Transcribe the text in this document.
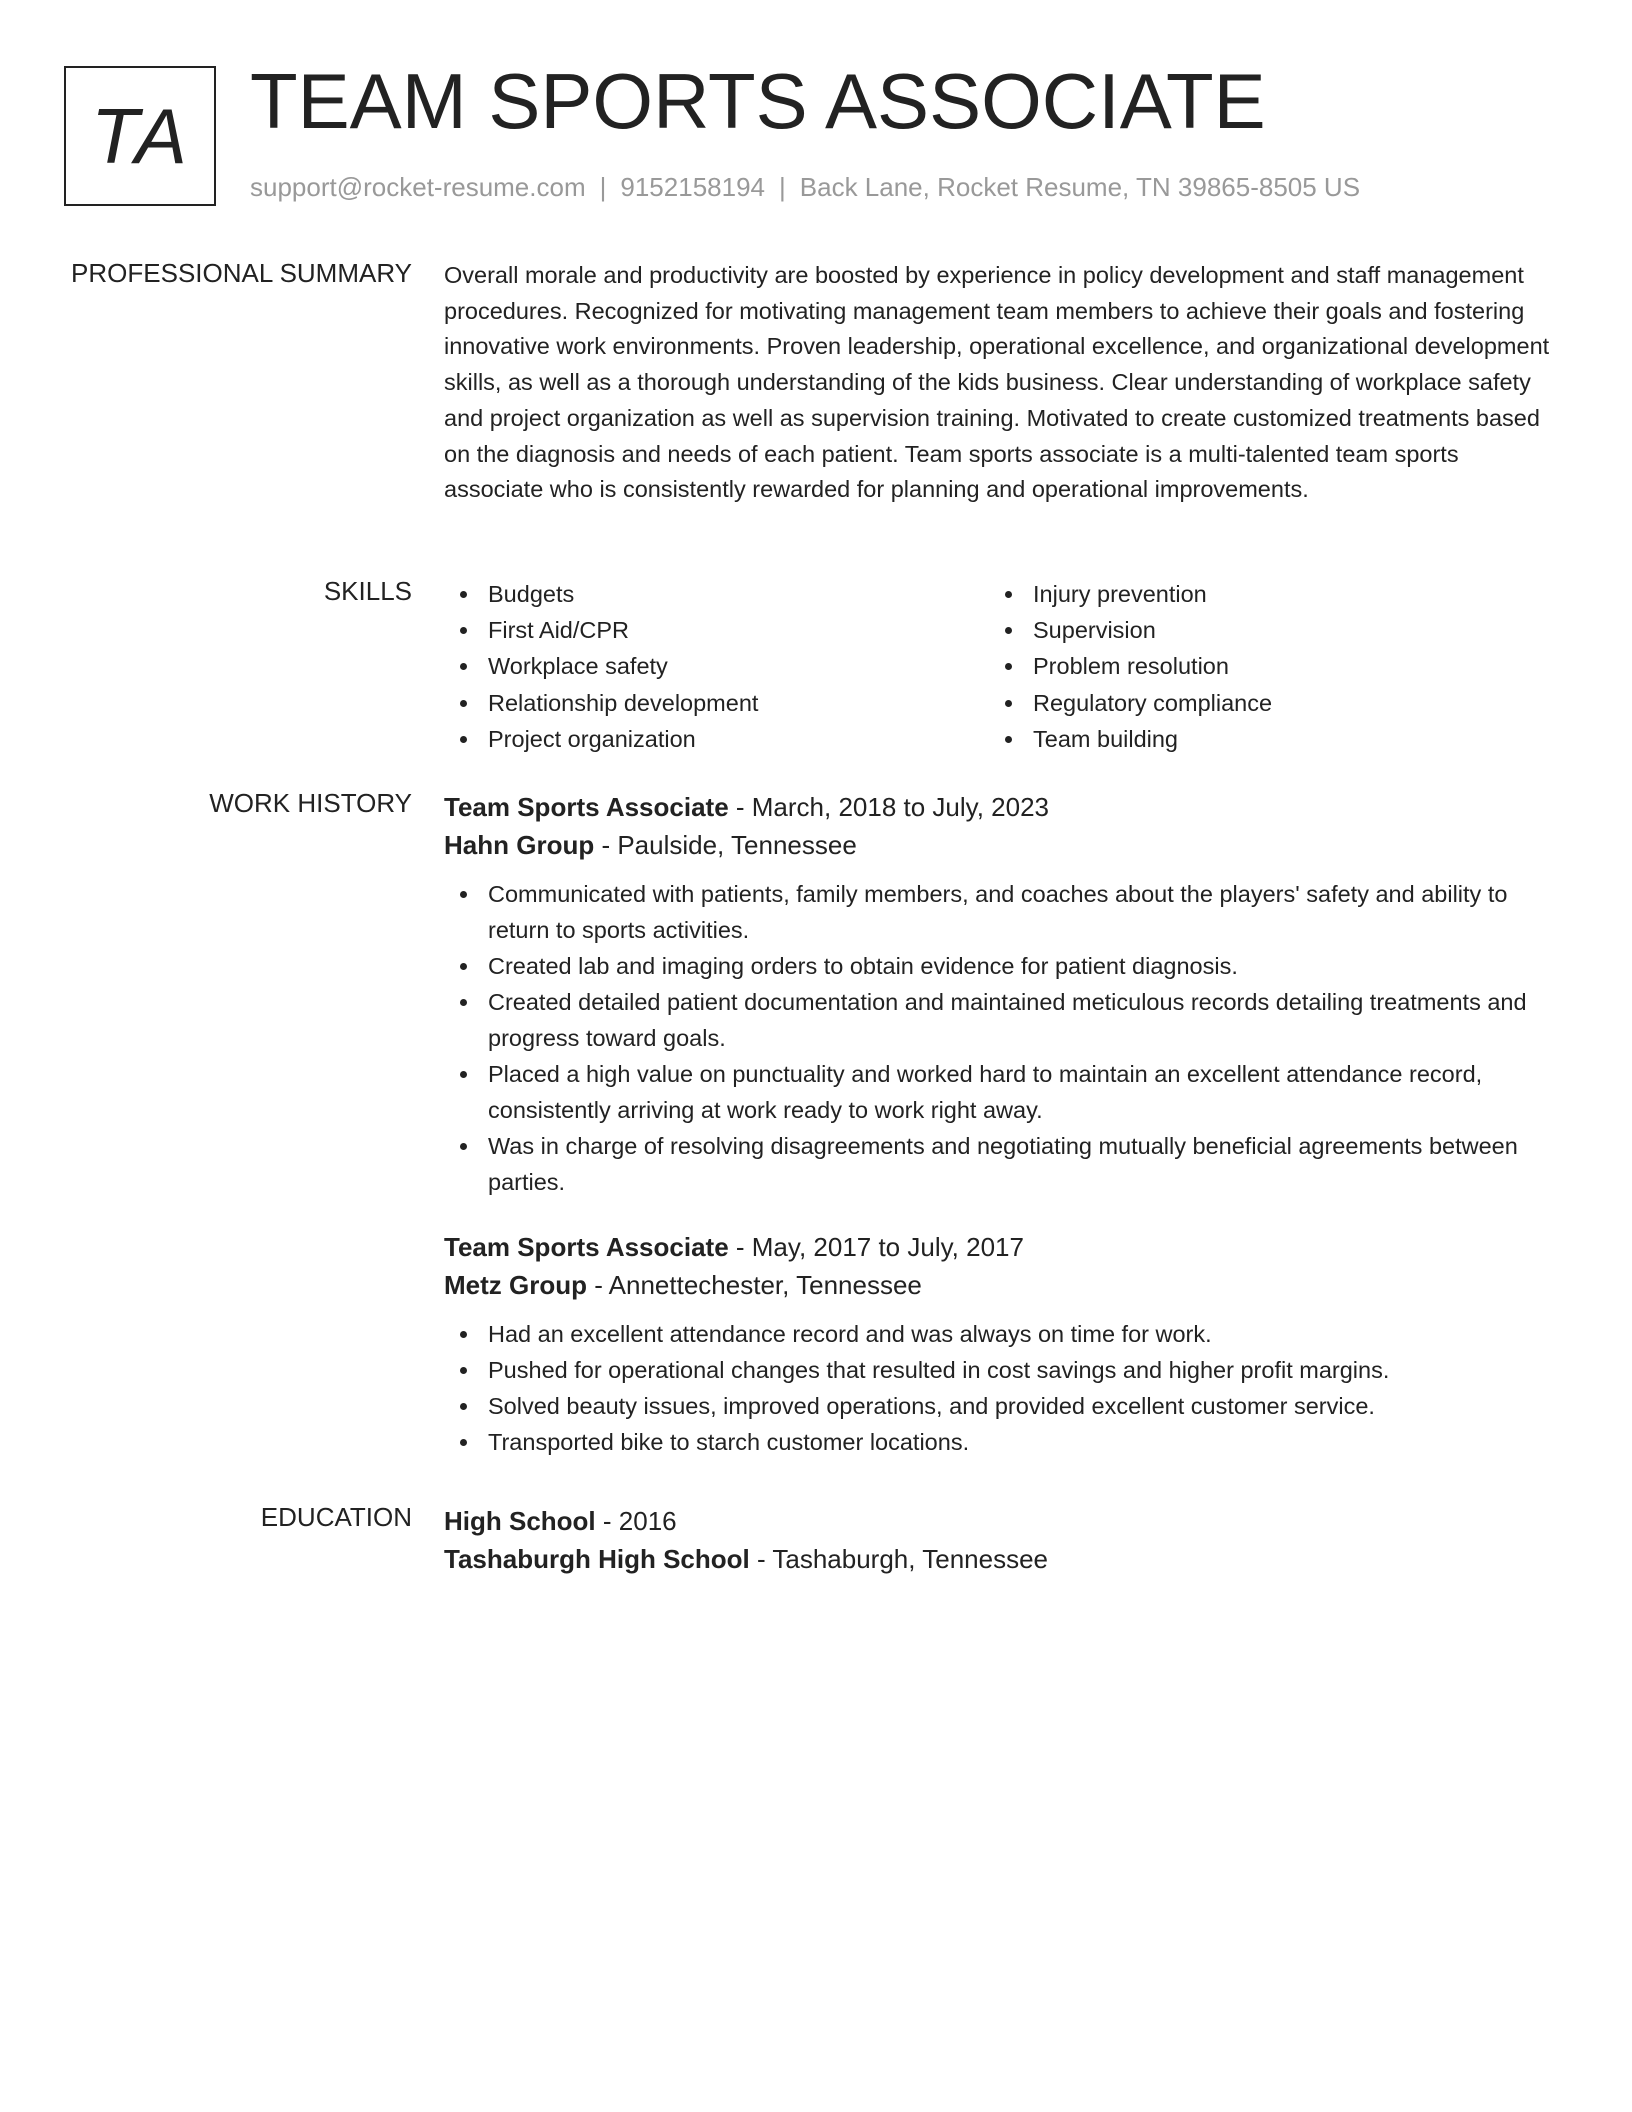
TA TEAM SPORTS ASSOCIATE
support@rocket-resume.com | 9152158194 | Back Lane, Rocket Resume, TN 39865-8505 US
PROFESSIONAL SUMMARY Overall morale and productivity are boosted by experience in policy development and staff management procedures. Recognized for motivating management team members to achieve their goals and fostering innovative work environments. Proven leadership, operational excellence, and organizational development skills, as well as a thorough understanding of the kids business. Clear understanding of workplace safety and project organization as well as supervision training. Motivated to create customized treatments based on the diagnosis and needs of each patient. Team sports associate is a multi-talented team sports associate who is consistently rewarded for planning and operational improvements.

SKILLS	Budgets
First Aid/CPR
Workplace safety
Relationship development
Project organization
Injury prevention
Supervision
Problem resolution
Regulatory compliance
Team building
WORK HISTORY Team Sports Associate - March, 2018 to July, 2023
Hahn Group - Paulside, Tennessee
Communicated with patients, family members, and coaches about the players' safety and ability to return to sports activities.
Created lab and imaging orders to obtain evidence for patient diagnosis.
Created detailed patient documentation and maintained meticulous records detailing treatments and progress toward goals.
Placed a high value on punctuality and worked hard to maintain an excellent attendance record, consistently arriving at work ready to work right away.
Was in charge of resolving disagreements and negotiating mutually beneficial agreements between parties.
Team Sports Associate - May, 2017 to July, 2017
Metz Group - Annettechester, Tennessee
Had an excellent attendance record and was always on time for work.
Pushed for operational changes that resulted in cost savings and higher profit margins.
Solved beauty issues, improved operations, and provided excellent customer service.
Transported bike to starch customer locations.
EDUCATION High School - 2016
Tashaburgh High School - Tashaburgh, Tennessee
